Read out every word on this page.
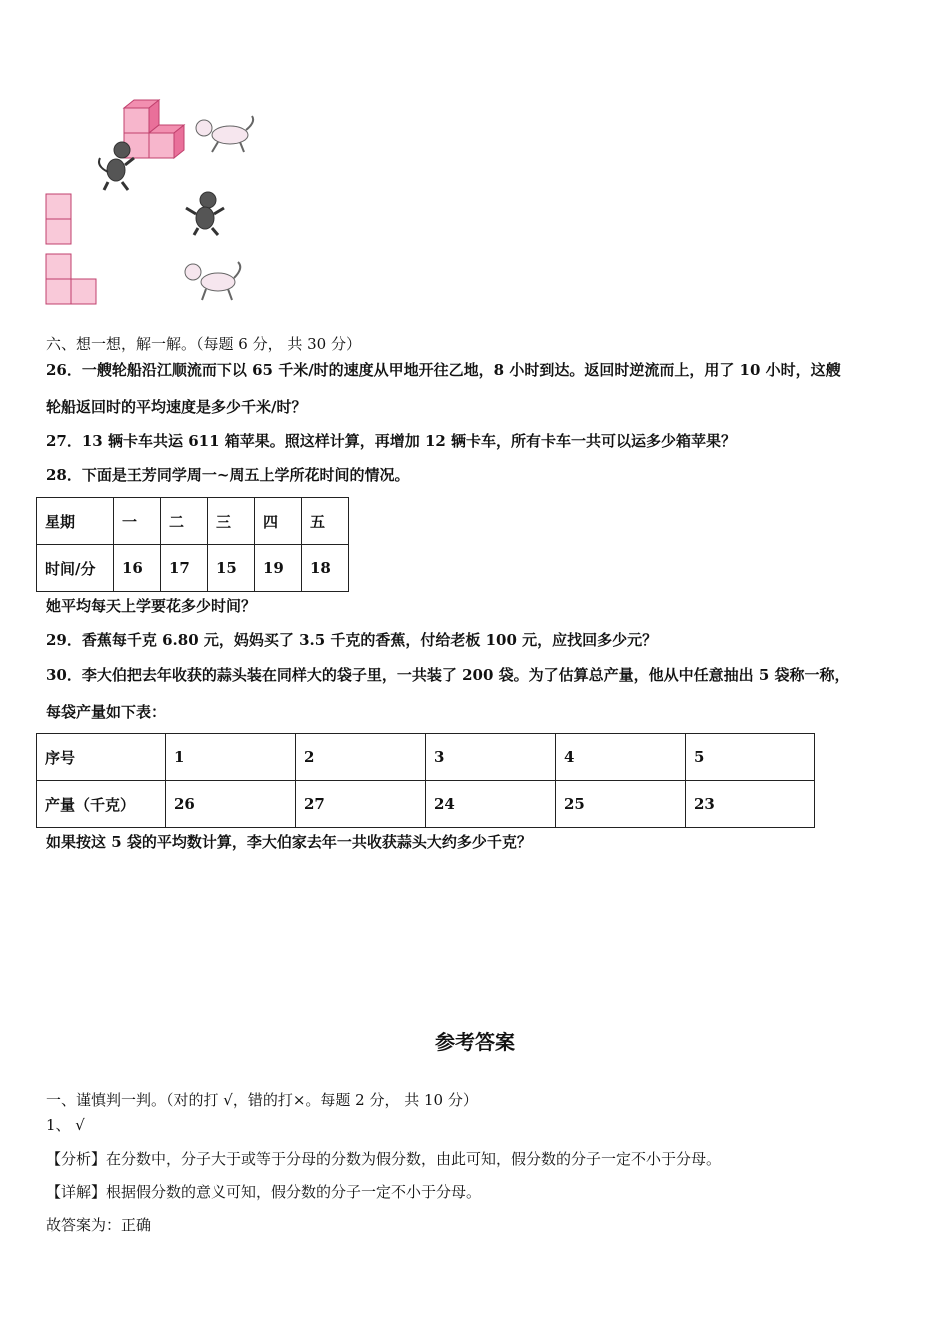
六、想一想，解一解。（每题 6 分， 共 30 分）
26．一艘轮船沿江顺流而下以 65 千米/时的速度从甲地开往乙地，8 小时到达。返回时逆流而上，用了 10 小时，这艘
轮船返回时的平均速度是多少千米/时？
27．13 辆卡车共运 611 箱苹果。照这样计算，再增加 12 辆卡车，所有卡车一共可以运多少箱苹果？
28．下面是王芳同学周一~周五上学所花时间的情况。
星期	一	二	三	四	五
时间/分	16	17	15	19	18
她平均每天上学要花多少时间？
29．香蕉每千克 6.80 元，妈妈买了 3.5 千克的香蕉，付给老板 100 元，应找回多少元？
30．李大伯把去年收获的蒜头装在同样大的袋子里，一共装了 200 袋。为了估算总产量，他从中任意抽出 5 袋称一称，
每袋产量如下表：
序号	1	2	3	4	5
产量（千克）	26	27	24	25	23
如果按这 5 袋的平均数计算，李大伯家去年一共收获蒜头大约多少千克？
参考答案
一、谨慎判一判。（对的打 √，错的打×。每题 2 分， 共 10 分）
1、 √
【分析】在分数中，分子大于或等于分母的分数为假分数，由此可知，假分数的分子一定不小于分母。
【详解】根据假分数的意义可知，假分数的分子一定不小于分母。
故答案为：正确
